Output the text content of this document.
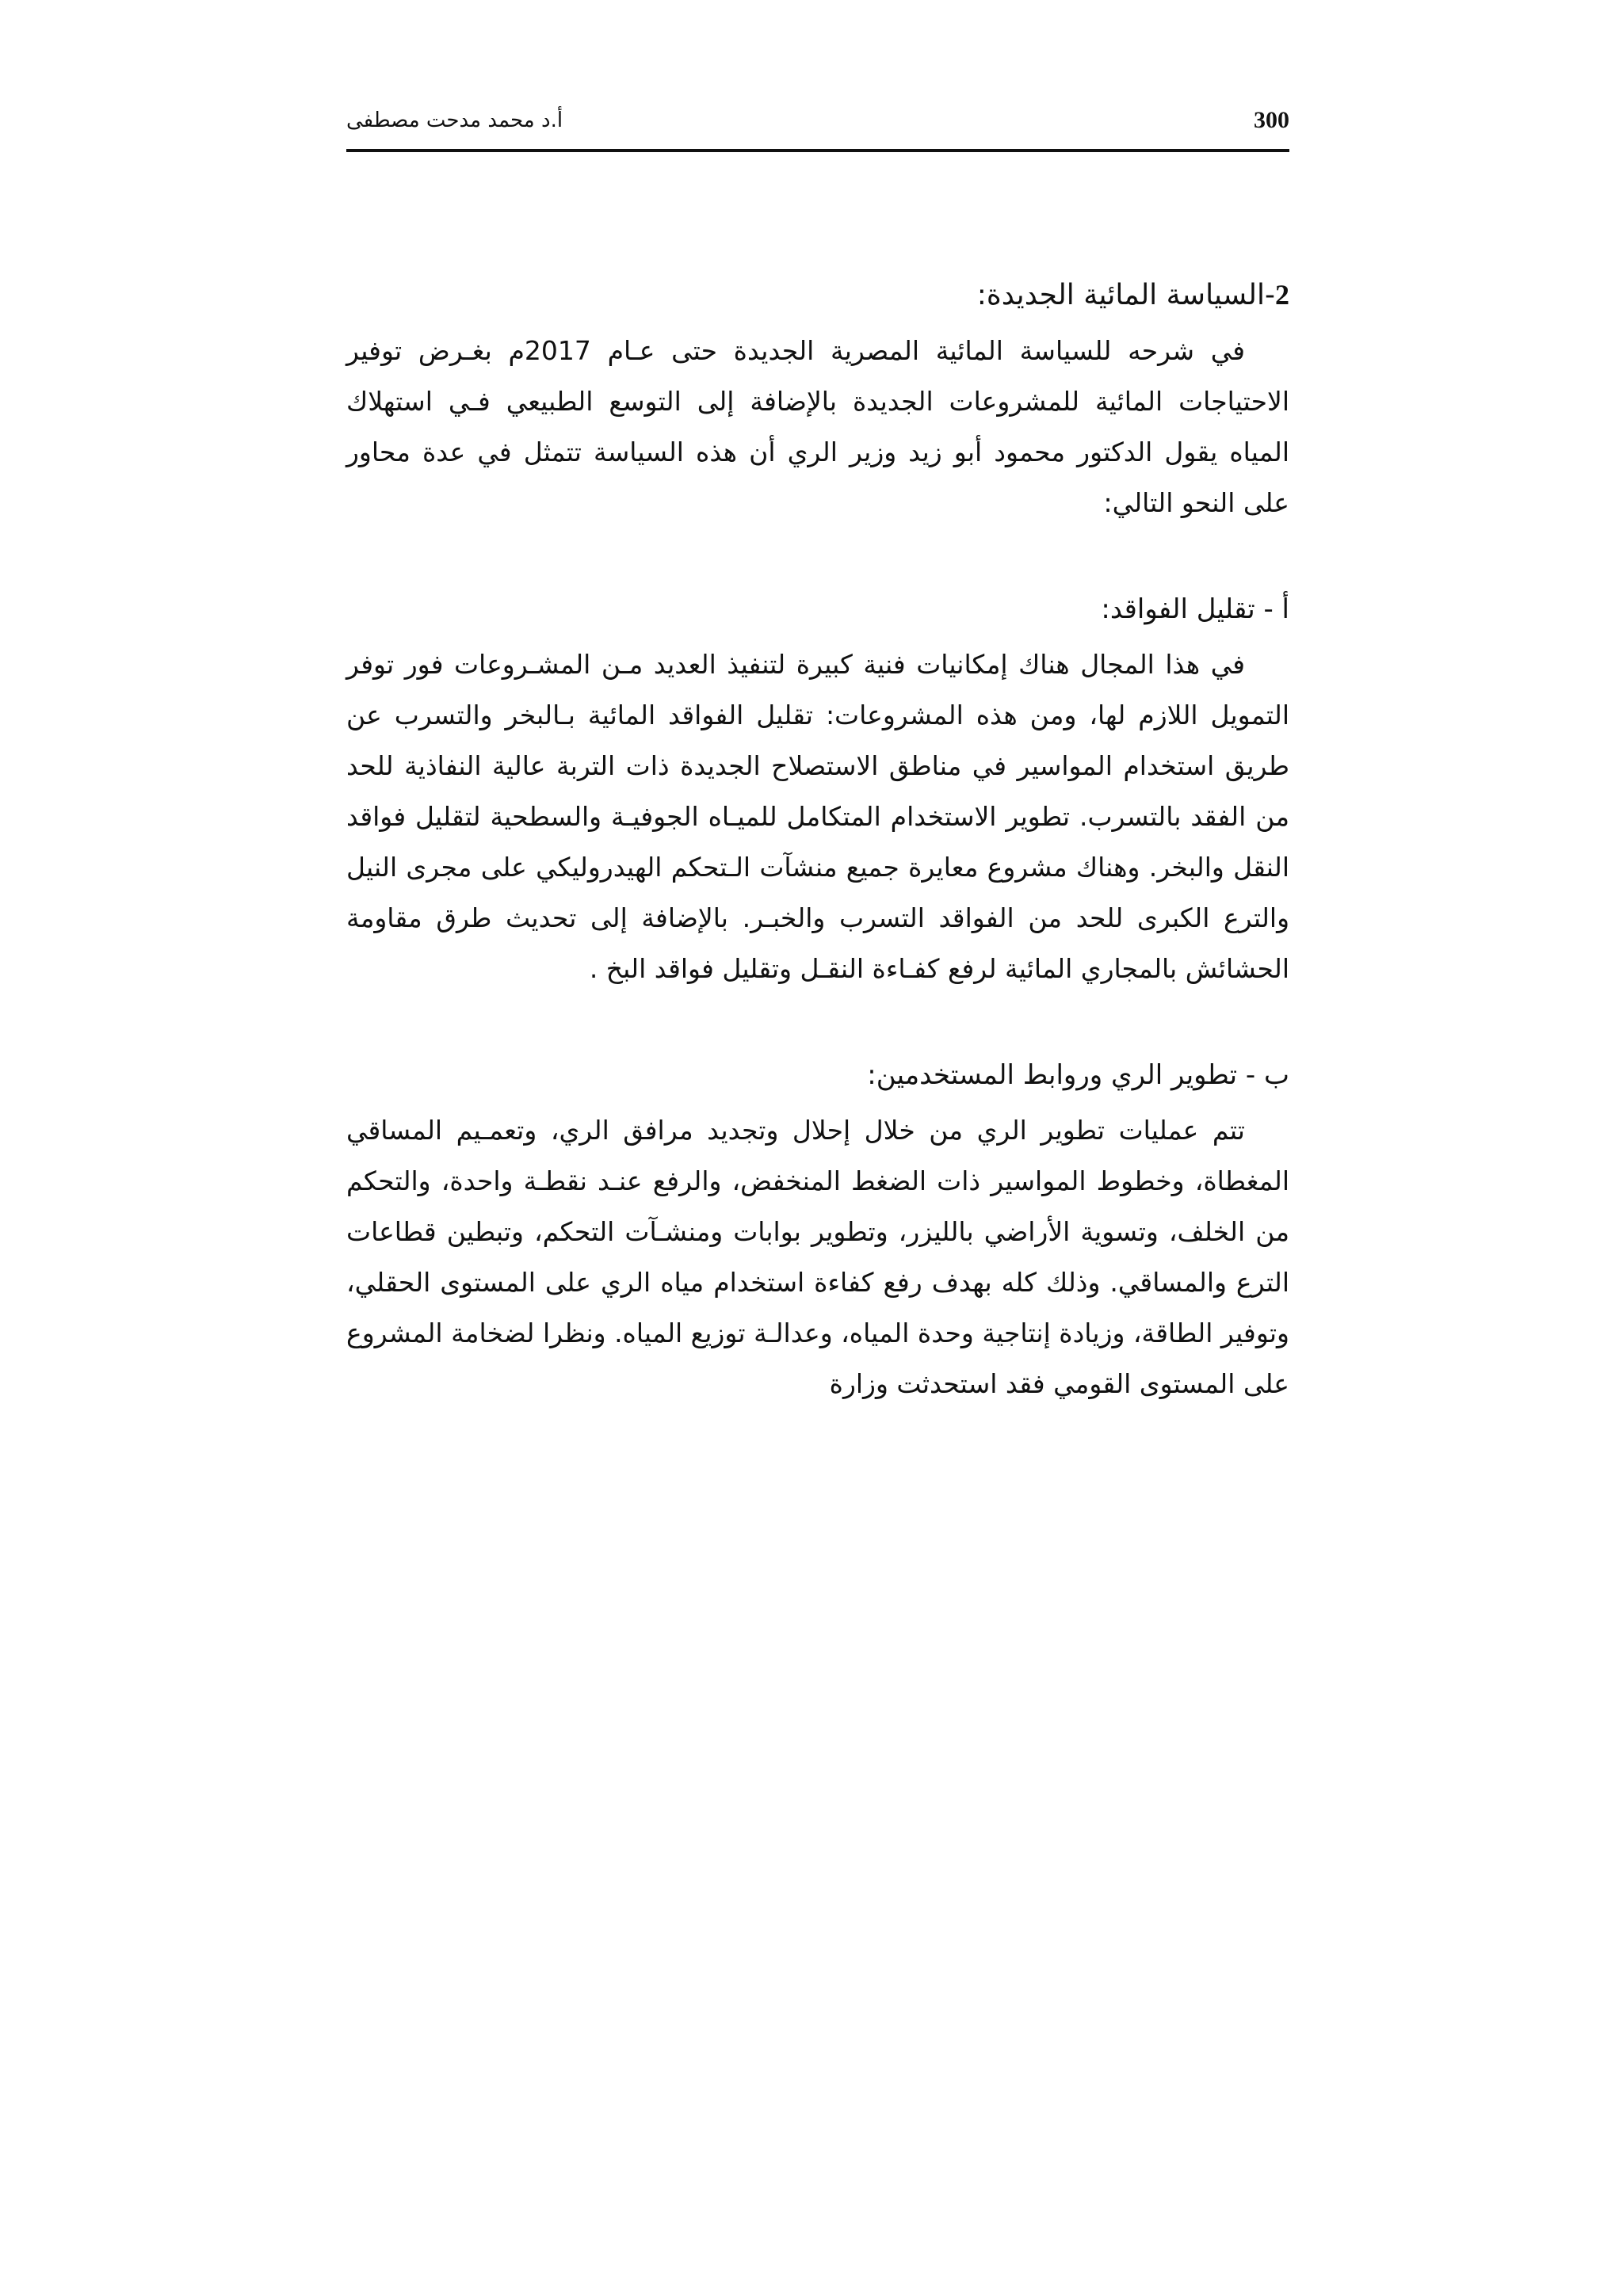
300
أ.د محمد مدحت مصطفى
2-السياسة المائية الجديدة:

في شرحه للسياسة المائية المصرية الجديدة حتى عـام 2017م بغـرض توفير الاحتياجات المائية للمشروعات الجديدة بالإضافة إلى التوسع الطبيعي فـي استهلاك المياه يقول الدكتور محمود أبو زيد وزير الري أن هذه السياسة تتمثل في عدة محاور على النحو التالي:

أ - تقليل الفواقد:

في هذا المجال هناك إمكانيات فنية كبيرة لتنفيذ العديد مـن المشـروعات فور توفر التمويل اللازم لها، ومن هذه المشروعات: تقليل الفواقد المائية بـالبخر والتسرب عن طريق استخدام المواسير في مناطق الاستصلاح الجديدة ذات التربة عالية النفاذية للحد من الفقد بالتسرب. تطوير الاستخدام المتكامل للميـاه الجوفيـة والسطحية لتقليل فواقد النقل والبخر. وهناك مشروع معايرة جميع منشآت الـتحكم الهيدروليكي على مجرى النيل والترع الكبرى للحد من الفواقد التسرب والخبـر. بالإضافة إلى تحديث طرق مقاومة الحشائش بالمجاري المائية لرفع كفـاءة النقـل وتقليل فواقد البخ .

ب - تطوير الري وروابط المستخدمين:

تتم عمليات تطوير الري من خلال إحلال وتجديد مرافق الري، وتعمـيم المساقي المغطاة، وخطوط المواسير ذات الضغط المنخفض، والرفع عنـد نقطـة واحدة، والتحكم من الخلف، وتسوية الأراضي بالليزر، وتطوير بوابات ومنشـآت التحكم، وتبطين قطاعات الترع والمساقي. وذلك كله بهدف رفع كفاءة استخدام مياه الري على المستوى الحقلي، وتوفير الطاقة، وزيادة إنتاجية وحدة المياه، وعدالـة توزيع المياه. ونظرا لضخامة المشروع على المستوى القومي فقد استحدثت وزارة
